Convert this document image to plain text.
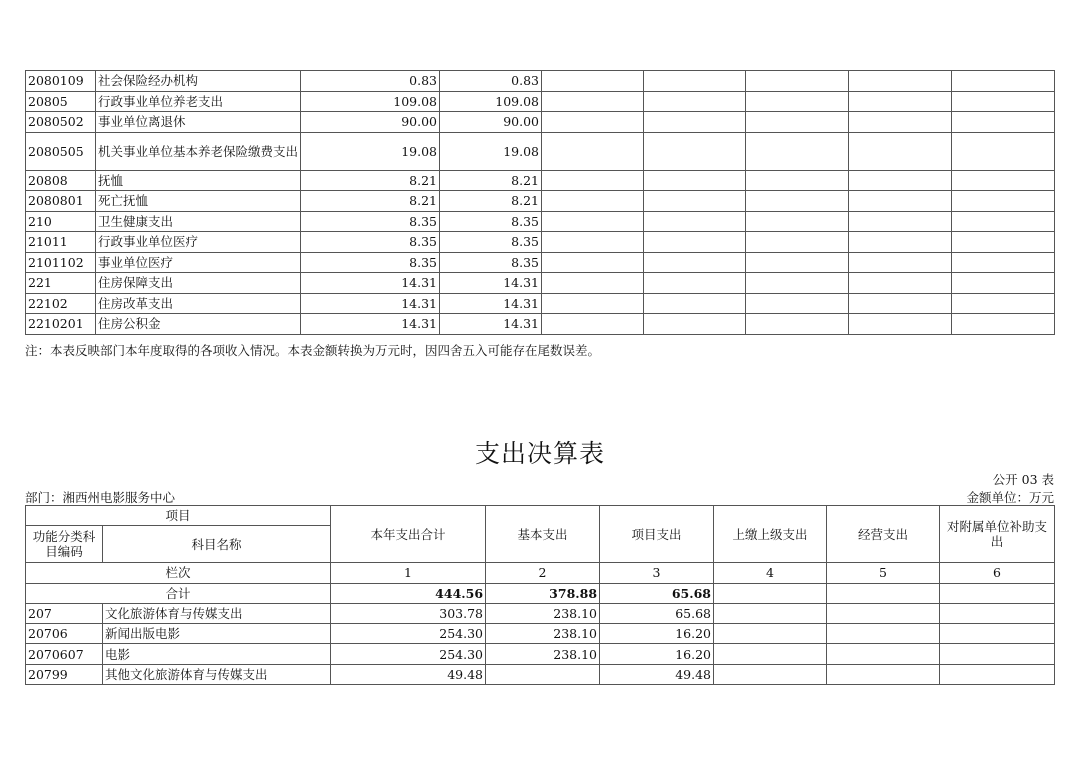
2080109	社会保险经办机构	0.83	0.83					
20805	行政事业单位养老支出	109.08	109.08					
2080502	事业单位离退休	90.00	90.00					
2080505	机关事业单位基本养老保险缴费支出	19.08	19.08					
20808	抚恤	8.21	8.21					
2080801	死亡抚恤	8.21	8.21					
210	卫生健康支出	8.35	8.35					
21011	行政事业单位医疗	8.35	8.35					
2101102	事业单位医疗	8.35	8.35					
221	住房保障支出	14.31	14.31					
22102	住房改革支出	14.31	14.31					
2210201	住房公积金	14.31	14.31					
注：本表反映部门本年度取得的各项收入情况。本表金额转换为万元时，因四舍五入可能存在尾数误差。
支出决算表
公开 03 表
部门：湘西州电影服务中心	金额单位：万元
项目		本年支出合计	基本支出	项目支出	上缴上级支出	经营支出	对附属单位补助支出
功能分类科目编码	科目名称						
栏次		1	2	3	4	5	6
合计		444.56	378.88	65.68			
207	文化旅游体育与传媒支出	303.78	238.10	65.68			
20706	新闻出版电影	254.30	238.10	16.20			
2070607	电影	254.30	238.10	16.20			
20799	其他文化旅游体育与传媒支出	49.48		49.48			
